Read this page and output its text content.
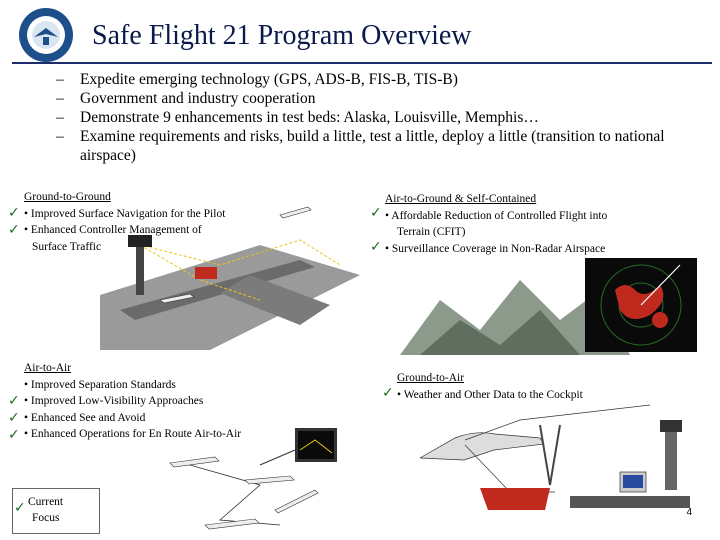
Safe Flight 21 Program Overview
– Expedite emerging technology (GPS, ADS-B, FIS-B, TIS-B)
– Government and industry cooperation
– Demonstrate 9 enhancements in test beds: Alaska, Louisville, Memphis…
– Examine requirements and risks, build a little, test a little, deploy a little (transition to national airspace)
Ground-to-Ground
• Improved Surface Navigation for the Pilot
• Enhanced Controller Management of
Surface Traffic
✓
✓
Air-to-Ground & Self-Contained
• Affordable Reduction of Controlled Flight into
Terrain (CFIT)
• Surveillance Coverage in Non-Radar Airspace
✓
✓
Air-to-Air
• Improved Separation Standards
• Improved Low-Visibility Approaches
• Enhanced See and Avoid
• Enhanced Operations for En Route Air-to-Air
✓
✓
✓
Ground-to-Air
• Weather and Other Data to the Cockpit
✓
✓ Current
Focus	4
